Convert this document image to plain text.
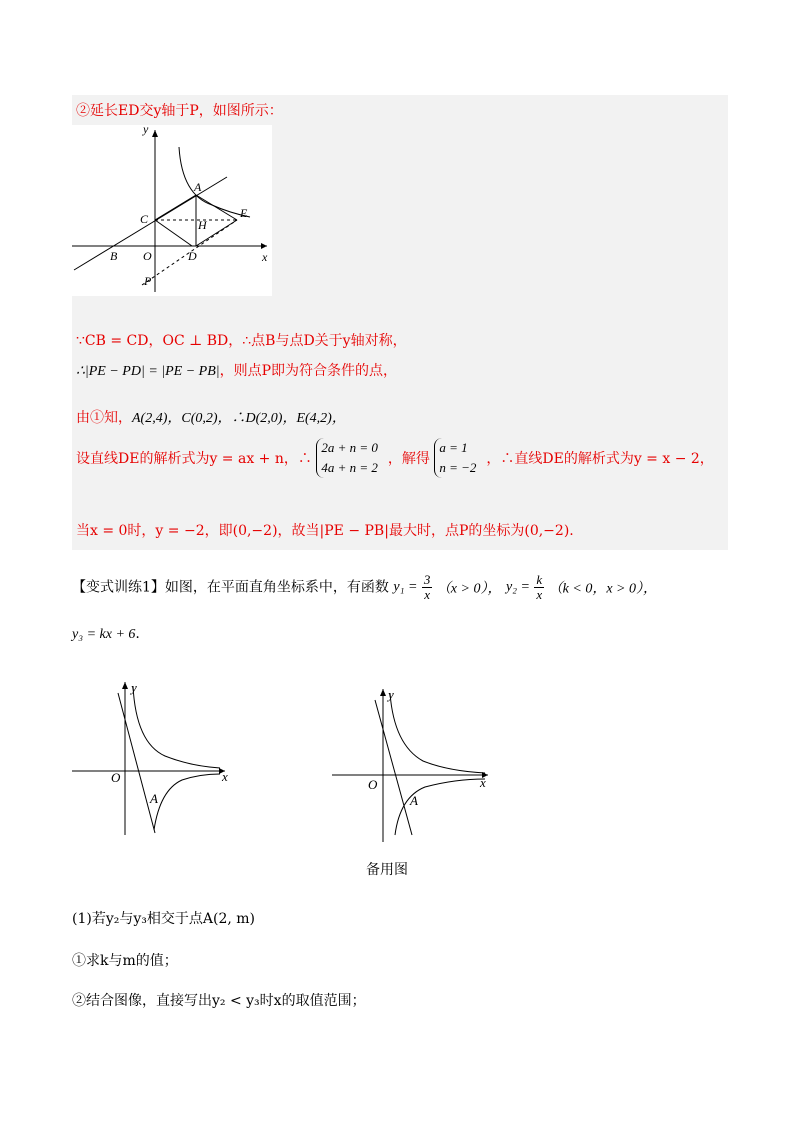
②延长ED交y轴于P，如图所示：
y
x
A
B
C
O	D
E
H
P
∵CB = CD，OC ⊥ BD，∴点B与点D关于y轴对称，
∴|PE − PD| = |PE − PB|，则点P即为符合条件的点，
由①知，A(2,4)，C(0,2)，∴D(2,0)，E(4,2)，
设直线DE的解析式为y = ax + n，∴
2a + n = 0
4a + n = 2
，解得
a = 1
n = −2
，∴直线DE的解析式为y = x − 2，
当x = 0时，y = −2，即(0,−2)，故当|PE − PB|最大时，点P的坐标为(0,−2).
【变式训练1】如图，在平面直角坐标系中，有函数 $y_1 = \frac{3}{x} (x > 0)$， $y_2 = \frac{k}{x} (k < 0$，x > 0），
y₃ = kx + 6.
y
x
O
A
y
x
O
A
备用图
(1)若y₂与y₃相交于点A(2, m)
①求k与m的值；
②结合图像，直接写出y₂ < y₃时x的取值范围；
